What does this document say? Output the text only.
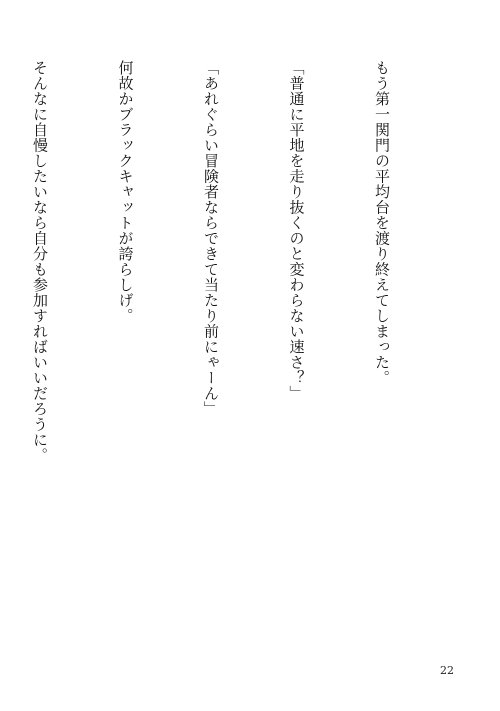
もう第一関門の平均台を渡り終えてしまった。

「普通に平地を走り抜くのと変わらない速さ？」

「あれぐらい冒険者ならできて当たり前にゃーん」

何故かブラックキャットが誇らしげ。

そんなに自慢したいなら自分も参加すればいいだろうに。

22
